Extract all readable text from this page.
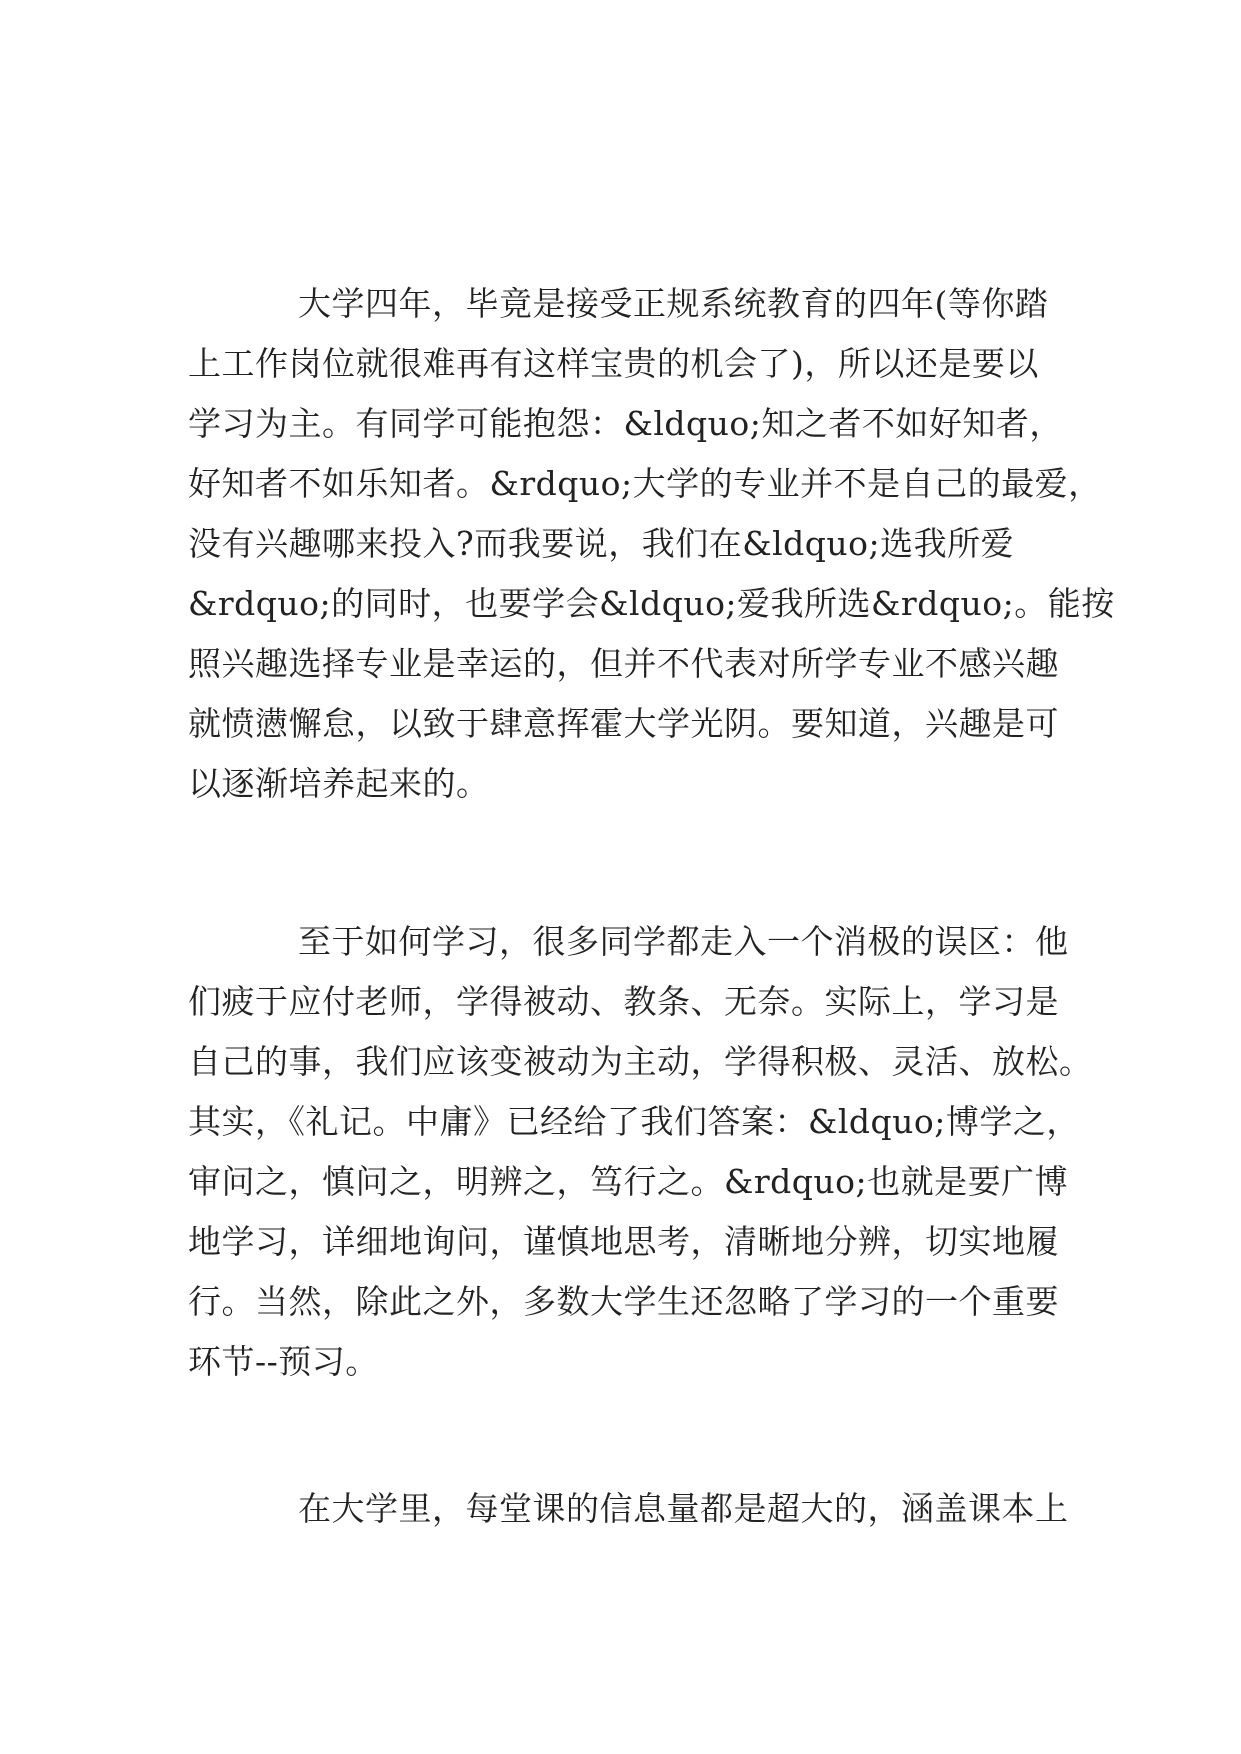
大学四年，毕竟是接受正规系统教育的四年(等你踏
上工作岗位就很难再有这样宝贵的机会了)，所以还是要以
学习为主。有同学可能抱怨：&ldquo;知之者不如好知者，
好知者不如乐知者。&rdquo;大学的专业并不是自己的最爱，
没有兴趣哪来投入?而我要说，我们在&ldquo;选我所爱
&rdquo;的同时，也要学会&ldquo;爱我所选&rdquo;。能按
照兴趣选择专业是幸运的，但并不代表对所学专业不感兴趣
就愤懑懈怠，以致于肆意挥霍大学光阴。要知道，兴趣是可
以逐渐培养起来的。
至于如何学习，很多同学都走入一个消极的误区：他
们疲于应付老师，学得被动、教条、无奈。实际上，学习是
自己的事，我们应该变被动为主动，学得积极、灵活、放松。
其实，《礼记。中庸》已经给了我们答案：&ldquo;博学之，
审问之，慎问之，明辨之，笃行之。&rdquo;也就是要广博
地学习，详细地询问，谨慎地思考，清晰地分辨，切实地履
行。当然，除此之外，多数大学生还忽略了学习的一个重要
环节--预习。
在大学里，每堂课的信息量都是超大的，涵盖课本上
